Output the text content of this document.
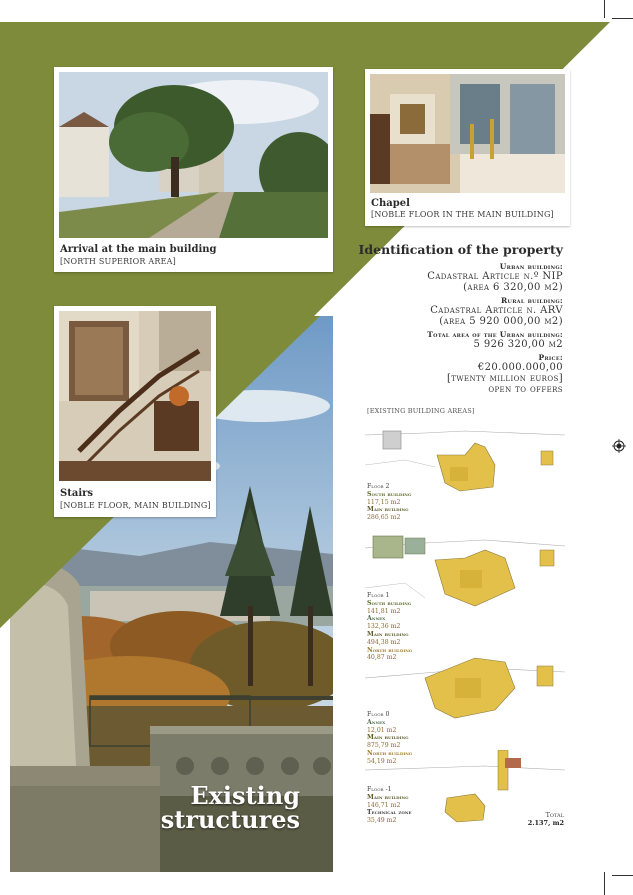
Arrival at the main building
[NORTH SUPERIOR AREA]
Chapel
[NOBLE FLOOR IN THE MAIN BUILDING]
Stairs
[NOBLE FLOOR, MAIN BUILDING]
Identification of the property
Urban building:
Cadastral Article n.º NIP
(area 6 320,00 m2)
Rural building:
Cadastral Article n. ARV
(area 5 920 000,00 m2)
Total area of the Urban building:
5 926 320,00 m2
Price:
€20.000.000,00
[twenty million euros]
open to offers
[EXISTING BUILDING AREAS]
Floor 2
South building
117,15 m2
Main building
286,65 m2
Floor 1
South building
141,81 m2
Annex
132,36 m2
Main building
494,38 m2
North building
40,87 m2
Floor 0
Annex
12,01 m2
Main building
875,79 m2
North building
54,19 m2
Floor -1
Main building
146,71 m2
Technical zone
35,49 m2
Total
2.137, m2
Existing
structures
